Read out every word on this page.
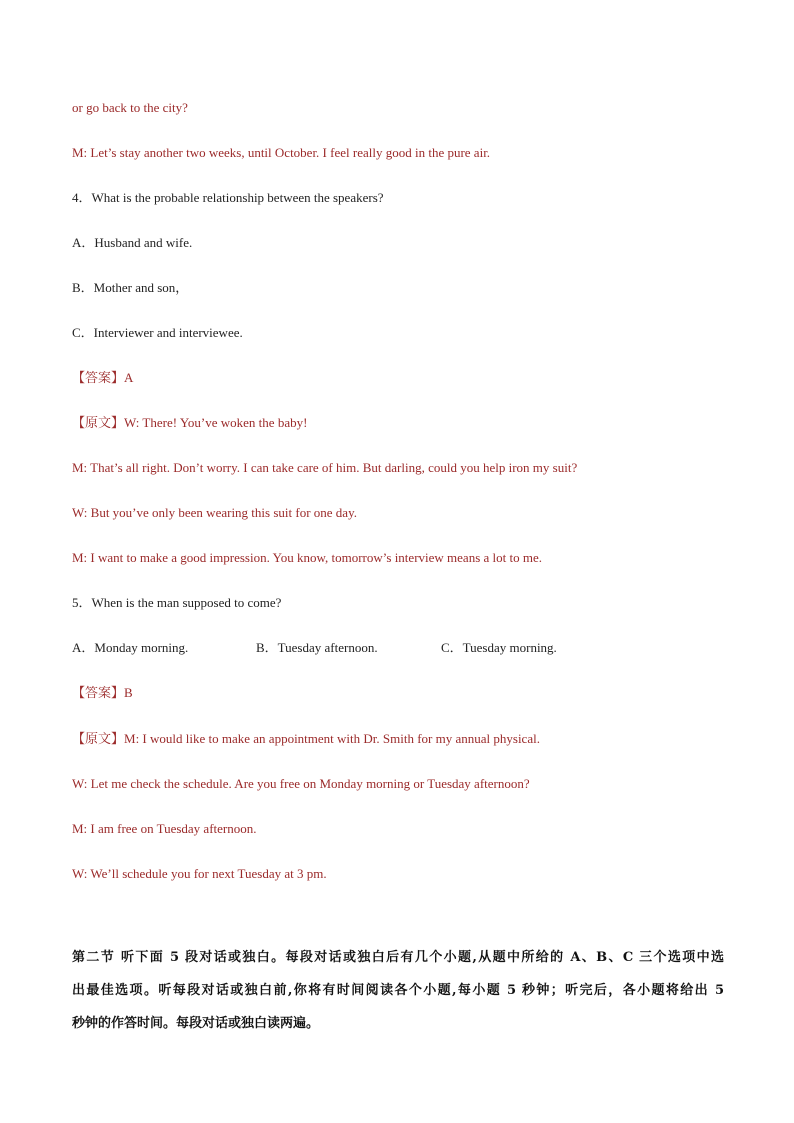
or go back to the city?
M: Let’s stay another two weeks, until October. I feel really good in the pure air.
4．What is the probable relationship between the speakers?
A．Husband and wife.
B．Mother and son，
C．Interviewer and interviewee.
【答案】A
【原文】W: There! You’ve woken the baby!
M: That’s all right. Don’t worry. I can take care of him. But darling, could you help iron my suit?
W: But you’ve only been wearing this suit for one day.
M: I want to make a good impression. You know, tomorrow’s interview means a lot to me.
5．When is the man supposed to come?
A．Monday morning.	B．Tuesday afternoon.	C．Tuesday morning.
【答案】B
【原文】M: I would like to make an appointment with Dr. Smith for my annual physical.
W: Let me check the schedule. Are you free on Monday morning or Tuesday afternoon?
M: I am free on Tuesday afternoon.
W: We’ll schedule you for next Tuesday at 3 pm.
第二节 听下面 5 段对话或独白。每段对话或独白后有几个小题,从题中所给的 A、B、C 三个选项中选
出最佳选项。听每段对话或独白前,你将有时间阅读各个小题,每小题 5 秒钟；听完后，各小题将给出 5
秒钟的作答时间。每段对话或独白读两遍。
